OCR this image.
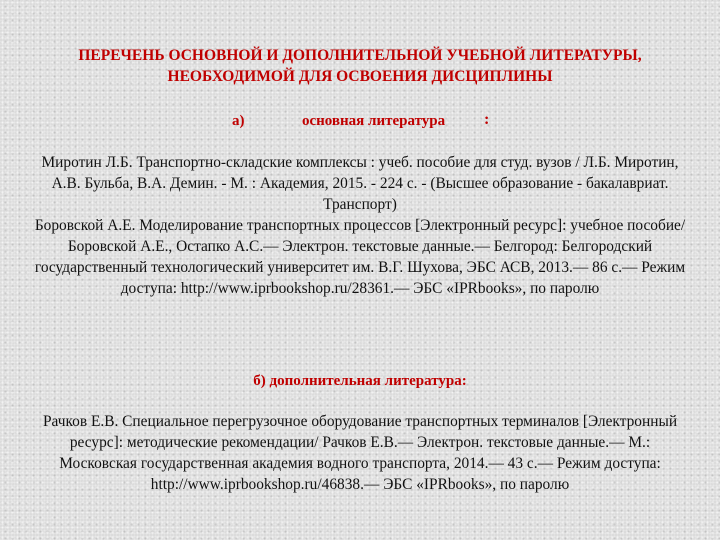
ПЕРЕЧЕНЬ ОСНОВНОЙ И ДОПОЛНИТЕЛЬНОЙ УЧЕБНОЙ ЛИТЕРАТУРЫ, НЕОБХОДИМОЙ ДЛЯ ОСВОЕНИЯ ДИСЦИПЛИНЫ
а)	основная литература :

Миротин Л.Б. Транспортно-складские комплексы : учеб. пособие для студ. вузов / Л.Б. Миротин, А.В. Бульба, В.А. Демин. - М. : Академия, 2015. - 224 с. - (Высшее образование - бакалавриат. Транспорт)

Боровской А.Е. Моделирование транспортных процессов [Электронный ресурс]: учебное пособие/ Боровской А.Е., Остапко А.С.— Электрон. текстовые данные.— Белгород: Белгородский государственный технологический университет им. В.Г. Шухова, ЭБС АСВ, 2013.— 86 c.— Режим доступа: http://www.iprbookshop.ru/28361.— ЭБС «IPRbooks», по паролю

б) дополнительная литература:

Рачков Е.В. Специальное перегрузочное оборудование транспортных терминалов [Электронный ресурс]: методические рекомендации/ Рачков Е.В.— Электрон. текстовые данные.— М.: Московская государственная академия водного транспорта, 2014.— 43 c.— Режим доступа: http://www.iprbookshop.ru/46838.— ЭБС «IPRbooks», по паролю
